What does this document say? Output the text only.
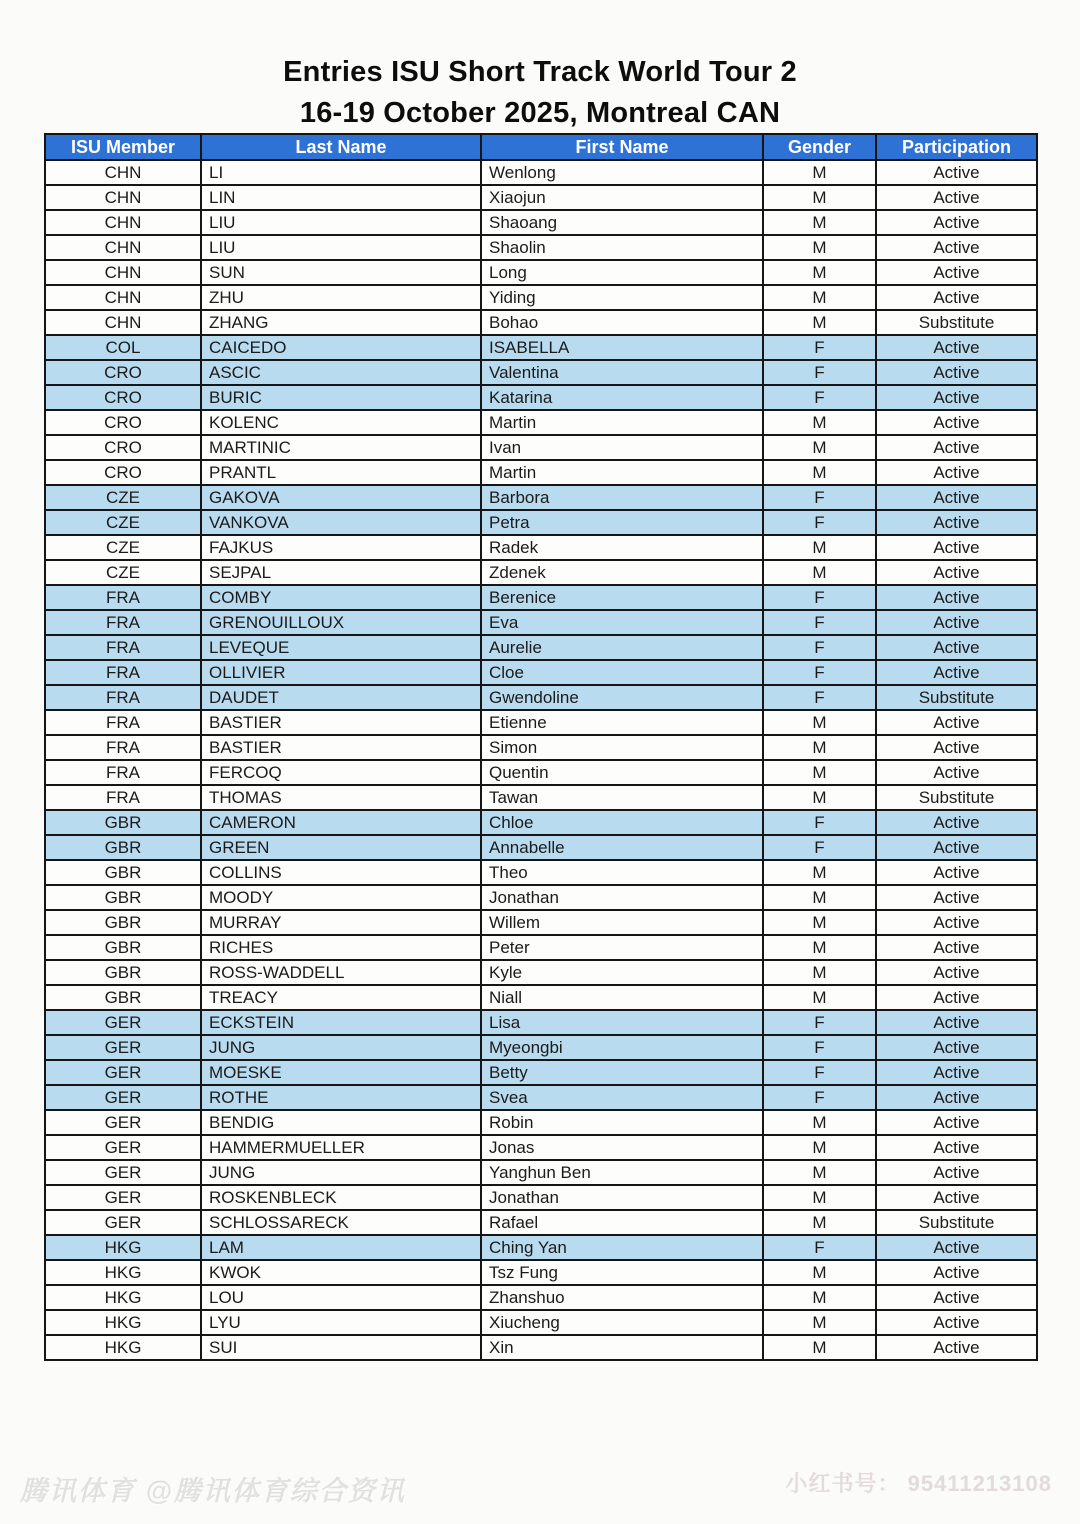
Entries ISU Short Track World Tour 2
16-19 October 2025, Montreal CAN
ISU Member	Last Name	First Name	Gender	Participation
CHN	LI	Wenlong	M	Active
CHN	LIN	Xiaojun	M	Active
CHN	LIU	Shaoang	M	Active
CHN	LIU	Shaolin	M	Active
CHN	SUN	Long	M	Active
CHN	ZHU	Yiding	M	Active
CHN	ZHANG	Bohao	M	Substitute
COL	CAICEDO	ISABELLA	F	Active
CRO	ASCIC	Valentina	F	Active
CRO	BURIC	Katarina	F	Active
CRO	KOLENC	Martin	M	Active
CRO	MARTINIC	Ivan	M	Active
CRO	PRANTL	Martin	M	Active
CZE	GAKOVA	Barbora	F	Active
CZE	VANKOVA	Petra	F	Active
CZE	FAJKUS	Radek	M	Active
CZE	SEJPAL	Zdenek	M	Active
FRA	COMBY	Berenice	F	Active
FRA	GRENOUILLOUX	Eva	F	Active
FRA	LEVEQUE	Aurelie	F	Active
FRA	OLLIVIER	Cloe	F	Active
FRA	DAUDET	Gwendoline	F	Substitute
FRA	BASTIER	Etienne	M	Active
FRA	BASTIER	Simon	M	Active
FRA	FERCOQ	Quentin	M	Active
FRA	THOMAS	Tawan	M	Substitute
GBR	CAMERON	Chloe	F	Active
GBR	GREEN	Annabelle	F	Active
GBR	COLLINS	Theo	M	Active
GBR	MOODY	Jonathan	M	Active
GBR	MURRAY	Willem	M	Active
GBR	RICHES	Peter	M	Active
GBR	ROSS-WADDELL	Kyle	M	Active
GBR	TREACY	Niall	M	Active
GER	ECKSTEIN	Lisa	F	Active
GER	JUNG	Myeongbi	F	Active
GER	MOESKE	Betty	F	Active
GER	ROTHE	Svea	F	Active
GER	BENDIG	Robin	M	Active
GER	HAMMERMUELLER	Jonas	M	Active
GER	JUNG	Yanghun Ben	M	Active
GER	ROSKENBLECK	Jonathan	M	Active
GER	SCHLOSSARECK	Rafael	M	Substitute
HKG	LAM	Ching Yan	F	Active
HKG	KWOK	Tsz Fung	M	Active
HKG	LOU	Zhanshuo	M	Active
HKG	LYU	Xiucheng	M	Active
HKG	SUI	Xin	M	Active
腾讯体育 @腾讯体育综合资讯	小红书号： 95411213108
